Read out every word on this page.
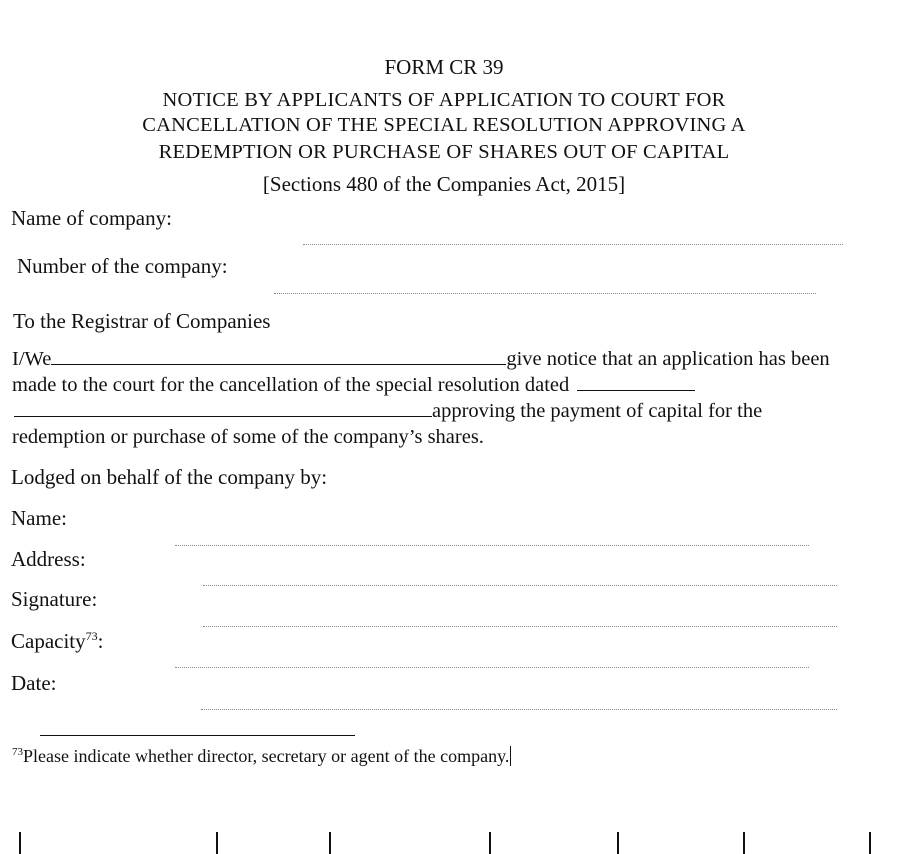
FORM CR 39
NOTICE BY APPLICANTS OF APPLICATION TO COURT FOR
CANCELLATION OF THE SPECIAL RESOLUTION APPROVING A
REDEMPTION OR PURCHASE OF SHARES OUT OF CAPITAL
[Sections 480 of the Companies Act, 2015]
Name of company:
Number of the company:
To the Registrar of Companies
I/We	give notice that an application has been
made to the court for the cancellation of the special resolution dated
approving the payment of capital for the
redemption or purchase of some of the company’s shares.
Lodged on behalf of the company by:
Name:
Address:
Signature:
Capacity$^{73}$:
Date:
$^{73}$Please indicate whether director, secretary or agent of the company.
